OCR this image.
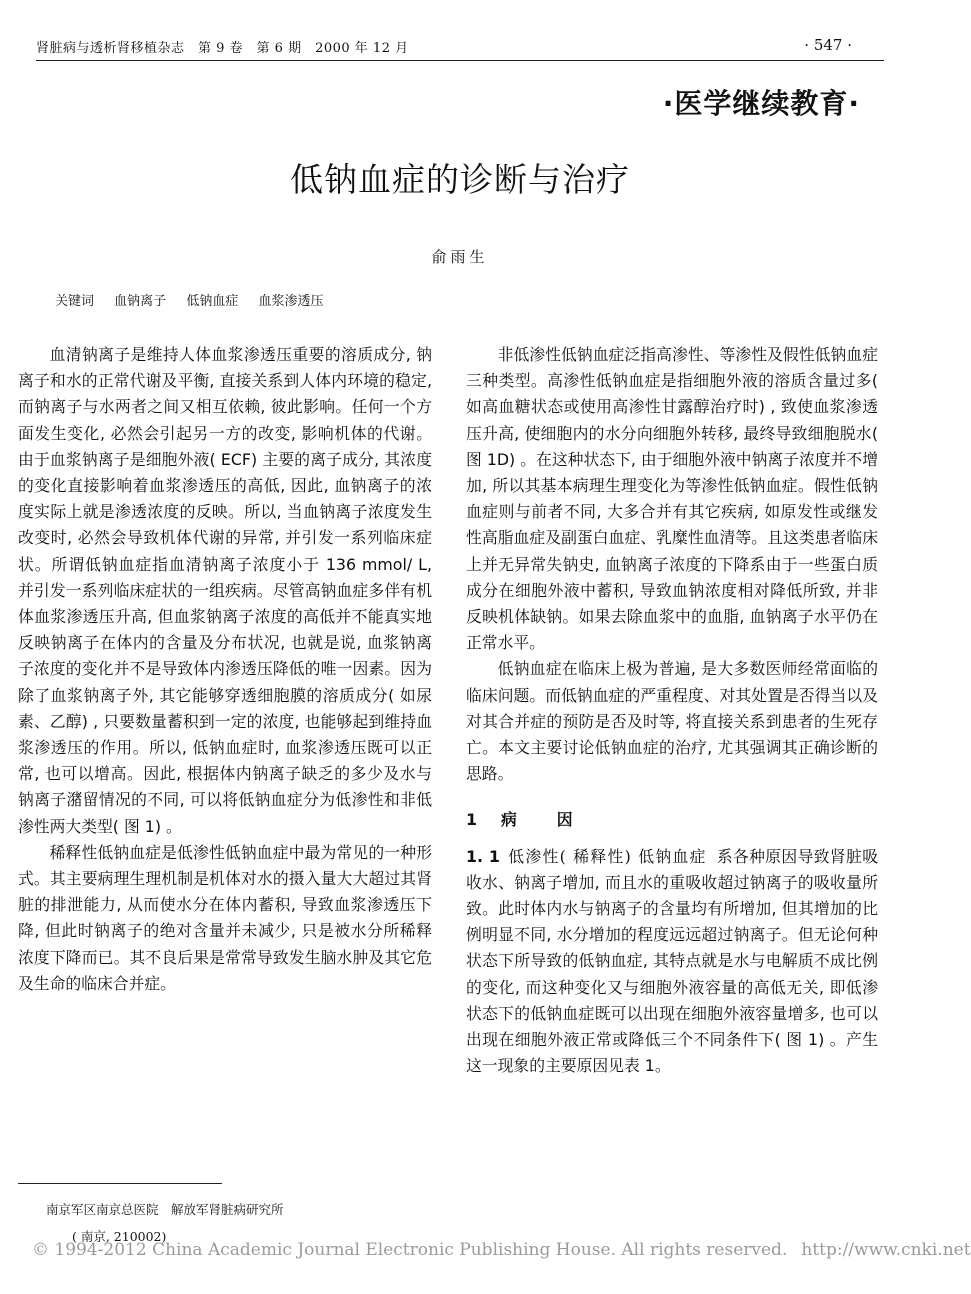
肾脏病与透析肾移植杂志　第 9 卷　第 6 期　2000 年 12 月	· 547 ·
·医学继续教育·
低钠血症的诊断与治疗
俞雨生
关键词 血钠离子 低钠血症 血浆渗透压

血清钠离子是维持人体血浆渗透压重要的溶质成分, 钠离子和水的正常代谢及平衡, 直接关系到人体内环境的稳定, 而钠离子与水两者之间又相互依赖, 彼此影响。任何一个方面发生变化, 必然会引起另一方的改变, 影响机体的代谢。由于血浆钠离子是细胞外液( ECF) 主要的离子成分, 其浓度的变化直接影响着血浆渗透压的高低, 因此, 血钠离子的浓度实际上就是渗透浓度的反映。所以, 当血钠离子浓度发生改变时, 必然会导致机体代谢的异常, 并引发一系列临床症状。所谓低钠血症指血清钠离子浓度小于 136 mmol/ L, 并引发一系列临床症状的一组疾病。尽管高钠血症多伴有机体血浆渗透压升高, 但血浆钠离子浓度的高低并不能真实地反映钠离子在体内的含量及分布状况, 也就是说, 血浆钠离子浓度的变化并不是导致体内渗透压降低的唯一因素。因为除了血浆钠离子外, 其它能够穿透细胞膜的溶质成分( 如尿素、乙醇) , 只要数量蓄积到一定的浓度, 也能够起到维持血浆渗透压的作用。所以, 低钠血症时, 血浆渗透压既可以正常, 也可以增高。因此, 根据体内钠离子缺乏的多少及水与钠离子潴留情况的不同, 可以将低钠血症分为低渗性和非低渗性两大类型( 图 1) 。

稀释性低钠血症是低渗性低钠血症中最为常见的一种形式。其主要病理生理机制是机体对水的摄入量大大超过其肾脏的排泄能力, 从而使水分在体内蓄积, 导致血浆渗透压下降, 但此时钠离子的绝对含量并未减少, 只是被水分所稀释浓度下降而已。其不良后果是常常导致发生脑水肿及其它危及生命的临床合并症。

非低渗性低钠血症泛指高渗性、等渗性及假性低钠血症三种类型。高渗性低钠血症是指细胞外液的溶质含量过多( 如高血糖状态或使用高渗性甘露醇治疗时) , 致使血浆渗透压升高, 使细胞内的水分向细胞外转移, 最终导致细胞脱水( 图 1D) 。在这种状态下, 由于细胞外液中钠离子浓度并不增加, 所以其基本病理生理变化为等渗性低钠血症。假性低钠血症则与前者不同, 大多合并有其它疾病, 如原发性或继发性高脂血症及副蛋白血症、乳糜性血清等。且这类患者临床上并无异常失钠史, 血钠离子浓度的下降系由于一些蛋白质成分在细胞外液中蓄积, 导致血钠浓度相对降低所致, 并非反映机体缺钠。如果去除血浆中的血脂, 血钠离子水平仍在正常水平。

低钠血症在临床上极为普遍, 是大多数医师经常面临的临床问题。而低钠血症的严重程度、对其处置是否得当以及对其合并症的预防是否及时等, 将直接关系到患者的生死存亡。本文主要讨论低钠血症的治疗, 尤其强调其正确诊断的思路。

1 病因

1. 1 低渗性( 稀释性) 低钠血症 系各种原因导致肾脏吸收水、钠离子增加, 而且水的重吸收超过钠离子的吸收量所致。此时体内水与钠离子的含量均有所增加, 但其增加的比例明显不同, 水分增加的程度远远超过钠离子。但无论何种状态下所导致的低钠血症, 其特点就是水与电解质不成比例的变化, 而这种变化又与细胞外液容量的高低无关, 即低渗状态下的低钠血症既可以出现在细胞外液容量增多, 也可以出现在细胞外液正常或降低三个不同条件下( 图 1) 。产生这一现象的主要原因见表 1。

南京军区南京总医院　解放军肾脏病研究所
( 南京, 210002)
© 1994-2012 China Academic Journal Electronic Publishing House. All rights reserved. http://www.cnki.net
